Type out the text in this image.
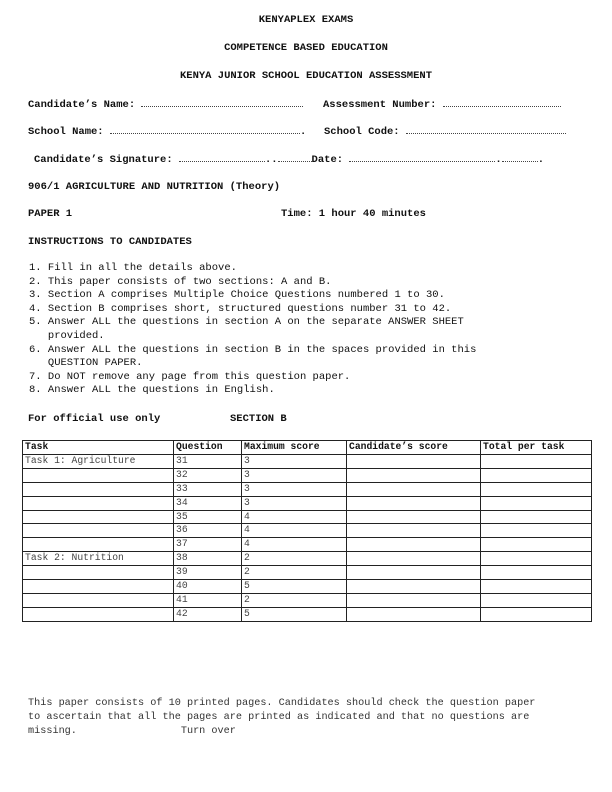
KENYAPLEX EXAMS
COMPETENCE BASED EDUCATION
KENYA JUNIOR SCHOOL EDUCATION ASSESSMENT
Candidate’s Name:	Assessment Number:
School Name:	. School Code:
Candidate’s Signature:	..	Date:	.	.
906/1 AGRICULTURE AND NUTRITION (Theory)
PAPER 1	Time: 1 hour 40 minutes
INSTRUCTIONS TO CANDIDATES
1. Fill in all the details above.
2. This paper consists of two sections: A and B.
3. Section A comprises Multiple Choice Questions numbered 1 to 30.
4. Section B comprises short, structured questions number 31 to 42.
5. Answer ALL the questions in section A on the separate ANSWER SHEET
provided.
6. Answer ALL the questions in section B in the spaces provided in this
QUESTION PAPER.
7. Do NOT remove any page from this question paper.
8. Answer ALL the questions in English.
For official use only	SECTION B
Task	Question	Maximum score	Candidate’s score	Total per task
Task 1: Agriculture	31	3		
	32	3		
	33	3		
	34	3		
	35	4		
	36	4		
	37	4		
Task 2: Nutrition	38	2		
	39	2		
	40	5		
	41	2		
	42	5		
This paper consists of 10 printed pages. Candidates should check the question paper
to ascertain that all the pages are printed as indicated and that no questions are
missing.                 Turn over
